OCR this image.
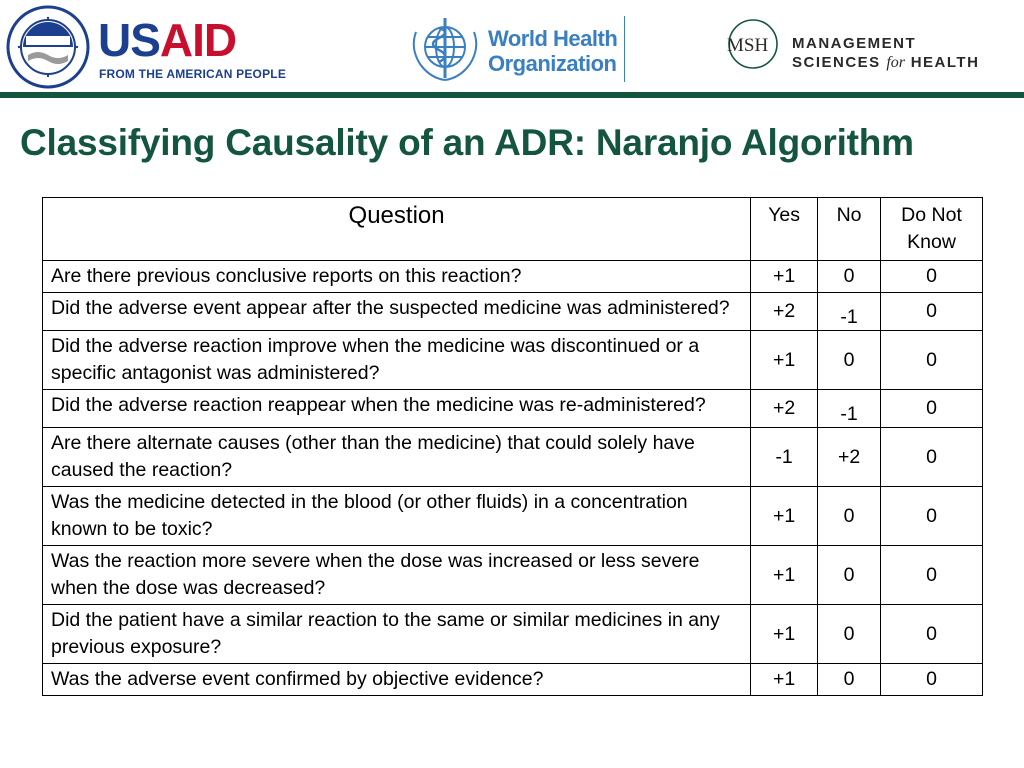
USAID
FROM THE AMERICAN PEOPLE
World Health
Organization
MSH MANAGEMENT
SCIENCES for HEALTH
Classifying Causality of an ADR: Naranjo Algorithm
Question	Yes	No	Do Not
Know
Are there previous conclusive reports on this reaction?	+1	0	0
Did the adverse event appear after the suspected medicine was administered?	+2	-1	0
Did the adverse reaction improve when the medicine was discontinued or a specific antagonist was administered?	+1	0	0
Did the adverse reaction reappear when the medicine was re-administered?	+2	-1	0
Are there alternate causes (other than the medicine) that could solely have caused the reaction?	-1	+2	0
Was the medicine detected in the blood (or other fluids) in a concentration known to be toxic?	+1	0	0
Was the reaction more severe when the dose was increased or less severe when the dose was decreased?	+1	0	0
Did the patient have a similar reaction to the same or similar medicines in any previous exposure?	+1	0	0
Was the adverse event confirmed by objective evidence?	+1	0	0
